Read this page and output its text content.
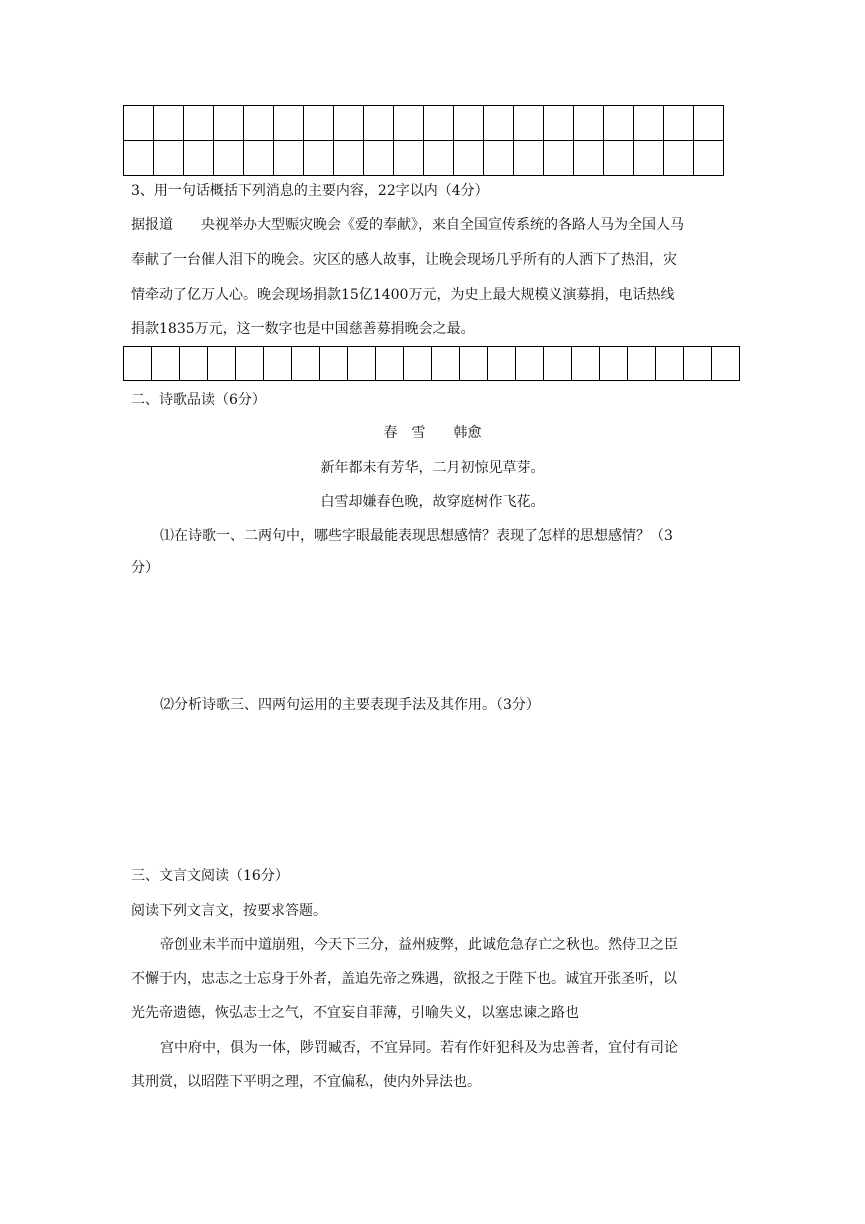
3、用一句话概括下列消息的主要内容，22字以内（4分）
据报道　　央视举办大型赈灾晚会《爱的奉献》，来自全国宣传系统的各路人马为全国人马
奉献了一台催人泪下的晚会。灾区的感人故事，让晚会现场几乎所有的人洒下了热泪，灾
情牵动了亿万人心。晚会现场捐款15亿1400万元，为史上最大规模义演募捐，电话热线
捐款1835万元，这一数字也是中国慈善募捐晚会之最。

二、诗歌品读（6分）
春　雪　　韩愈
新年都未有芳华，二月初惊见草芽。
白雪却嫌春色晚，故穿庭树作飞花。
⑴在诗歌一、二两句中，哪些字眼最能表现思想感情？表现了怎样的思想感情？（3
分）
⑵分析诗歌三、四两句运用的主要表现手法及其作用。（3分）
三、文言文阅读（16分）
阅读下列文言文，按要求答题。
帝创业未半而中道崩殂，今天下三分，益州疲弊，此诚危急存亡之秋也。然侍卫之臣
不懈于内，忠志之士忘身于外者，盖追先帝之殊遇，欲报之于陛下也。诚宜开张圣听，以
光先帝遗德，恢弘志士之气，不宜妄自菲薄，引喻失义，以塞忠谏之路也
宫中府中，俱为一体，陟罚臧否，不宜异同。若有作奸犯科及为忠善者，宜付有司论
其刑赏，以昭陛下平明之理，不宜偏私，使内外异法也。
